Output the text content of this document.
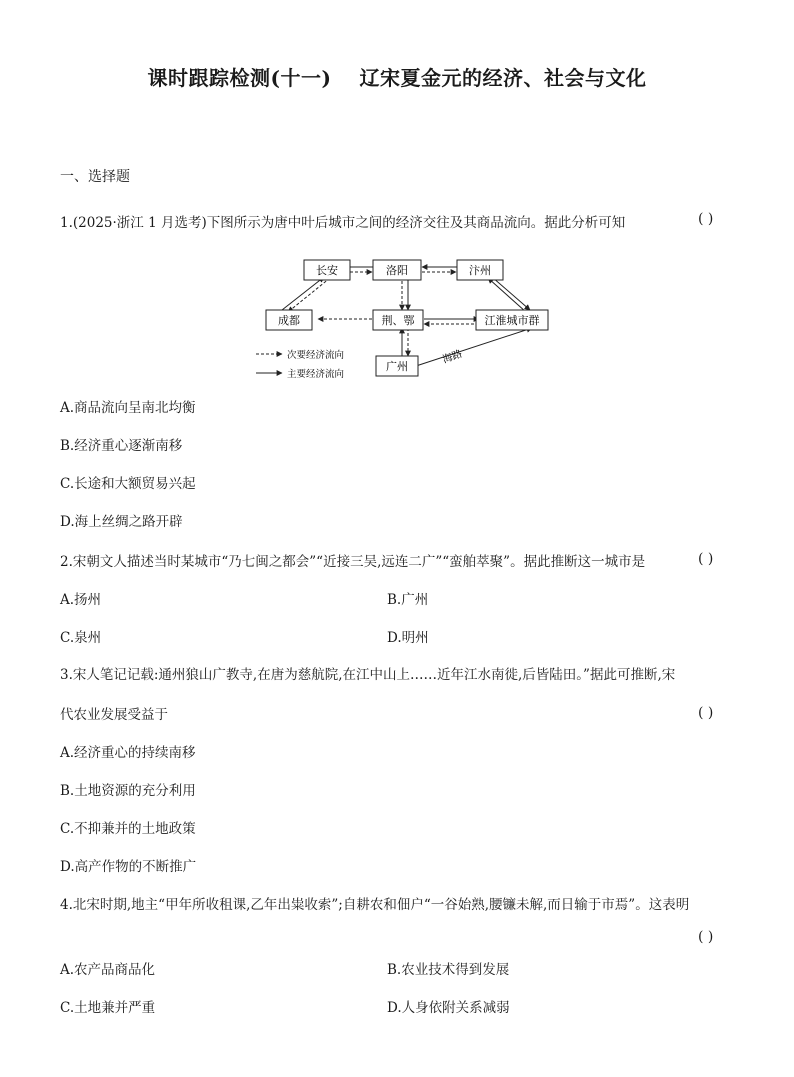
课时跟踪检测(十一) 辽宋夏金元的经济、社会与文化
一、选择题
1.(2025·浙江 1 月选考)下图所示为唐中叶后城市之间的经济交往及其商品流向。据此分析可知	( )
长安	洛阳	汴州
成都	荆、鄂	江淮城市群
广州
海路
次要经济流向
主要经济流向
A.商品流向呈南北均衡
B.经济重心逐渐南移
C.长途和大额贸易兴起
D.海上丝绸之路开辟
2.宋朝文人描述当时某城市“乃七闽之都会”“近接三吴,远连二广”“蛮舶萃聚”。据此推断这一城市是	( )
A.扬州	B.广州
C.泉州	D.明州
3.宋人笔记记载:通州狼山广教寺,在唐为慈航院,在江中山上……近年江水南徙,后皆陆田。”据此可推断,宋
代农业发展受益于	( )
A.经济重心的持续南移
B.土地资源的充分利用
C.不抑兼并的土地政策
D.高产作物的不断推广
4.北宋时期,地主“甲年所收租课,乙年出粜收索”;自耕农和佃户“一谷始熟,腰镰未解,而日输于市焉”。这表明
( )
A.农产品商品化	B.农业技术得到发展
C.土地兼并严重	D.人身依附关系减弱
